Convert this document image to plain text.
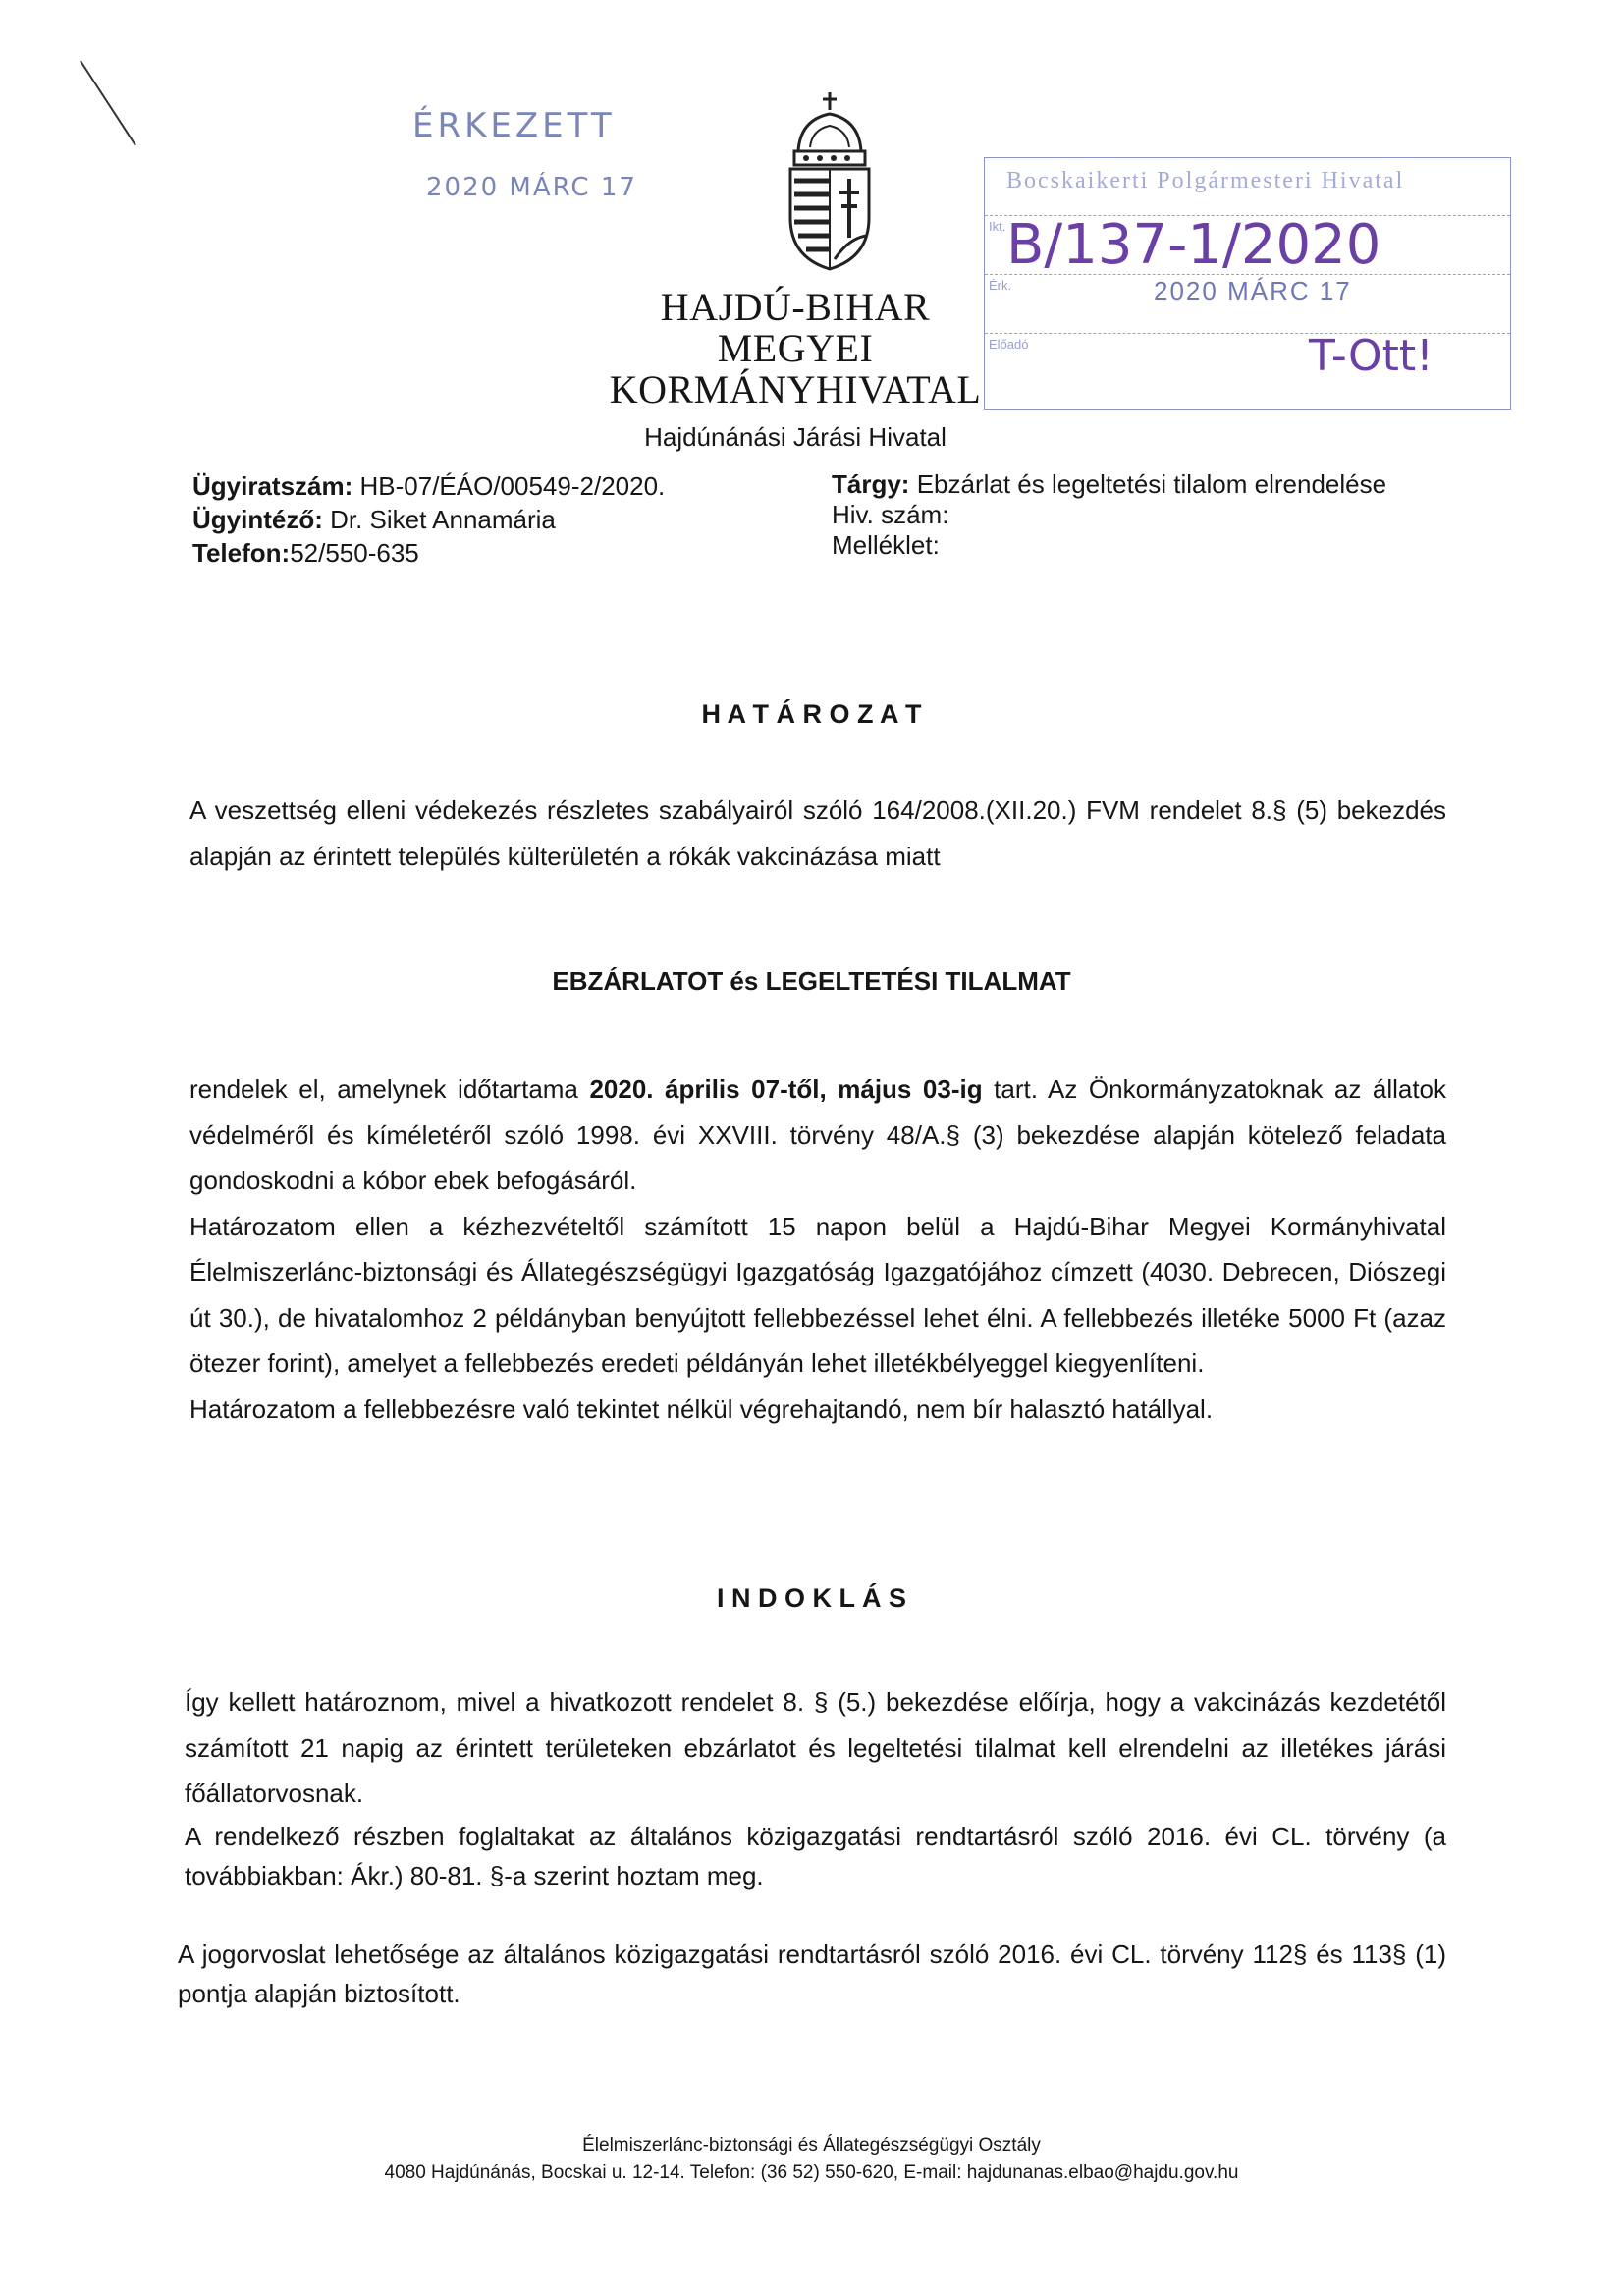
ÉRKEZETT
2020 MÁRC 17
HAJDÚ-BIHAR MEGYEI
KORMÁNYHIVATAL
Hajdúnánási Járási Hivatal
Bocskaikerti Polgármesteri Hivatal
Ikt.
Érk.
Előadó
B/137-1/2020
2020 MÁRC 17
T-Ott!
Ügyiratszám: HB-07/ÉÁO/00549-2/2020.
Ügyintéző: Dr. Siket Annamária
Telefon:52/550-635
Tárgy: Ebzárlat és legeltetési tilalom elrendelése
Hiv. szám:
Melléklet:
H A T Á R O Z A T
A veszettség elleni védekezés részletes szabályairól szóló 164/2008.(XII.20.) FVM rendelet 8.§ (5) bekezdés alapján az érintett település külterületén a rókák vakcinázása miatt
EBZÁRLATOT és LEGELTETÉSI TILALMAT
rendelek el, amelynek időtartama 2020. április 07-től, május 03-ig tart. Az Önkormányzatoknak az állatok védelméről és kíméletéről szóló 1998. évi XXVIII. törvény 48/A.§ (3) bekezdése alapján kötelező feladata gondoskodni a kóbor ebek befogásáról.
Határozatom ellen a kézhezvételtől számított 15 napon belül a Hajdú-Bihar Megyei Kormányhivatal Élelmiszerlánc-biztonsági és Állategészségügyi Igazgatóság Igazgatójához címzett (4030. Debrecen, Diószegi út 30.), de hivatalomhoz 2 példányban benyújtott fellebbezéssel lehet élni. A fellebbezés illetéke 5000 Ft (azaz ötezer forint), amelyet a fellebbezés eredeti példányán lehet illetékbélyeggel kiegyenlíteni.
Határozatom a fellebbezésre való tekintet nélkül végrehajtandó, nem bír halasztó hatállyal.
I N D O K L Á S
Így kellett határoznom, mivel a hivatkozott rendelet 8. § (5.) bekezdése előírja, hogy a vakcinázás kezdetétől számított 21 napig az érintett területeken ebzárlatot és legeltetési tilalmat kell elrendelni az illetékes járási főállatorvosnak.
A rendelkező részben foglaltakat az általános közigazgatási rendtartásról szóló 2016. évi CL. törvény (a továbbiakban: Ákr.) 80-81. §-a szerint hoztam meg.
A jogorvoslat lehetősége az általános közigazgatási rendtartásról szóló 2016. évi CL. törvény 112§ és 113§ (1) pontja alapján biztosított.
Élelmiszerlánc-biztonsági és Állategészségügyi Osztály
4080 Hajdúnánás, Bocskai u. 12-14. Telefon: (36 52) 550-620, E-mail: hajdunanas.elbao@hajdu.gov.hu
